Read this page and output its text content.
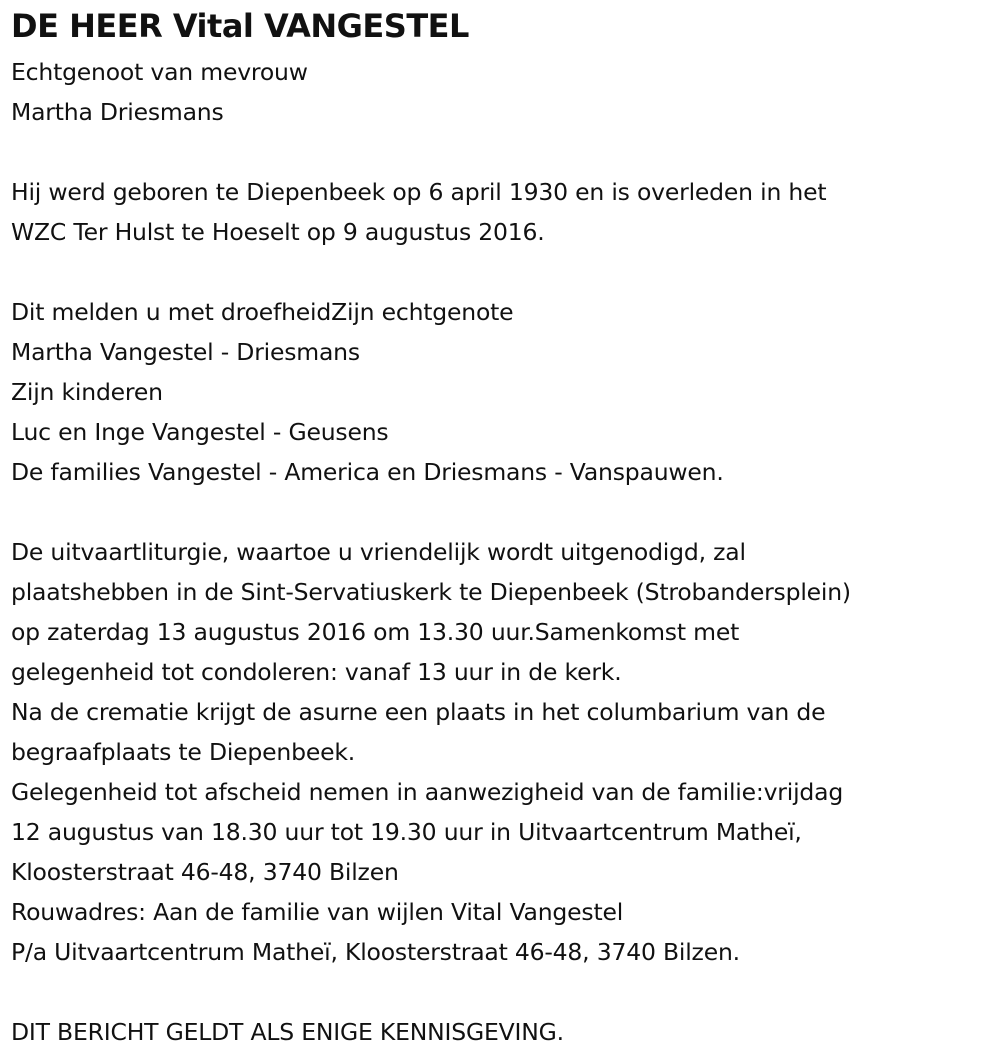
DE HEER Vital VANGESTEL
Echtgenoot van mevrouw
Martha Driesmans
Hij werd geboren te Diepenbeek op 6 april 1930 en is overleden in het
WZC Ter Hulst te Hoeselt op 9 augustus 2016.
Dit melden u met droefheidZijn echtgenote
Martha Vangestel - Driesmans
Zijn kinderen
Luc en Inge Vangestel - Geusens
De families Vangestel - America en Driesmans - Vanspauwen.
De uitvaartliturgie, waartoe u vriendelijk wordt uitgenodigd, zal
plaatshebben in de Sint-Servatiuskerk te Diepenbeek (Strobandersplein)
op zaterdag 13 augustus 2016 om 13.30 uur.Samenkomst met
gelegenheid tot condoleren: vanaf 13 uur in de kerk.
Na de crematie krijgt de asurne een plaats in het columbarium van de
begraafplaats te Diepenbeek.
Gelegenheid tot afscheid nemen in aanwezigheid van de familie:vrijdag
12 augustus van 18.30 uur tot 19.30 uur in Uitvaartcentrum Matheï,
Kloosterstraat 46-48, 3740 Bilzen
Rouwadres: Aan de familie van wijlen Vital Vangestel
P/a Uitvaartcentrum Matheï, Kloosterstraat 46-48, 3740 Bilzen.
DIT BERICHT GELDT ALS ENIGE KENNISGEVING.
